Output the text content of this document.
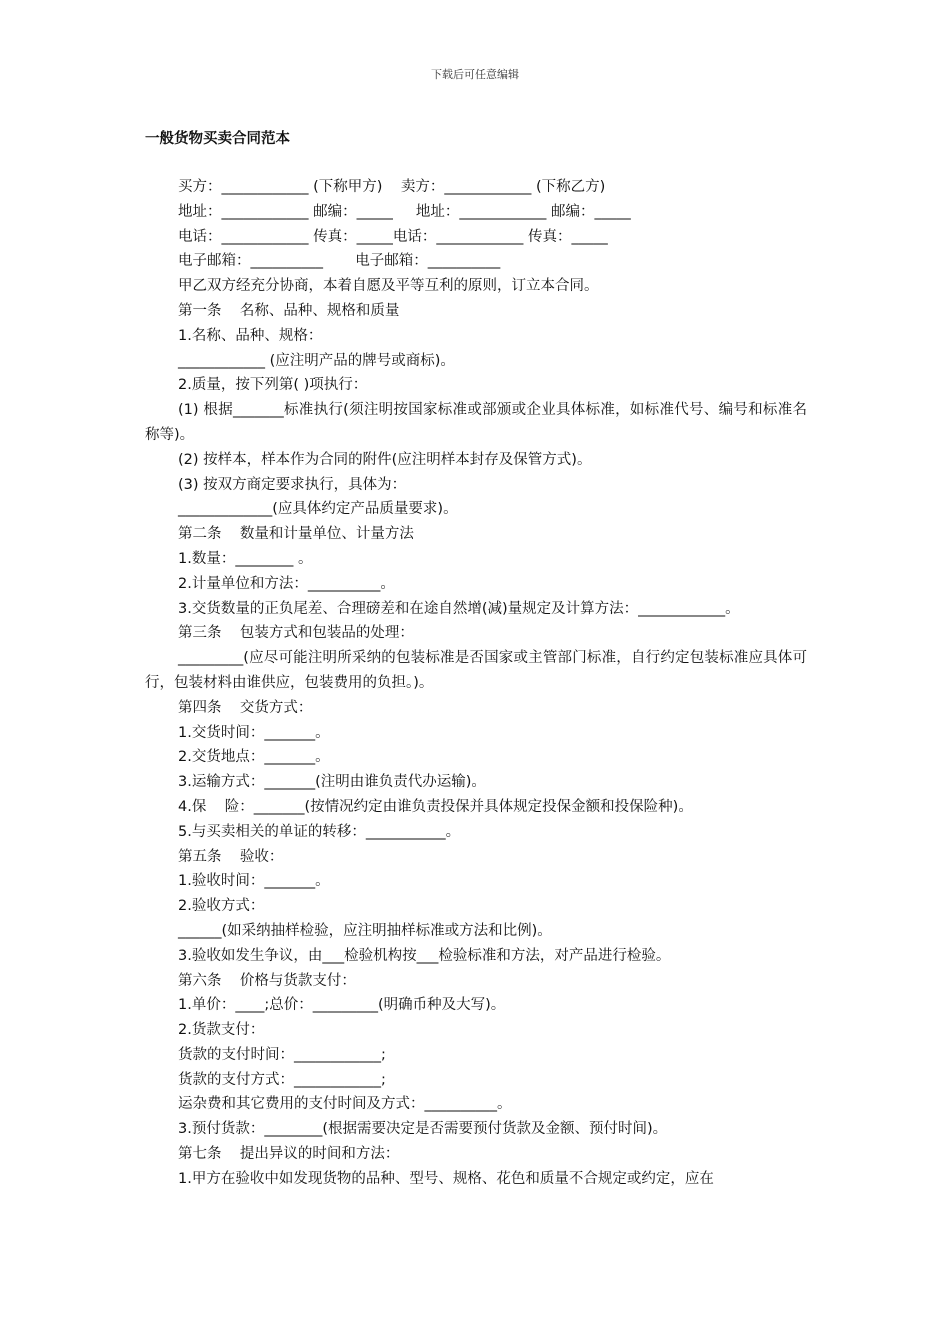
下载后可任意编辑
一般货物买卖合同范本
买方：____________ (下称甲方)    卖方：____________ (下称乙方)
地址：____________ 邮编：_____     地址：____________ 邮编：_____
电话：____________ 传真：_____电话：____________ 传真：_____
电子邮箱：__________       电子邮箱：__________
甲乙双方经充分协商，本着自愿及平等互利的原则，订立本合同。
第一条    名称、品种、规格和质量
1.名称、品种、规格：
____________ (应注明产品的牌号或商标)。
2.质量，按下列第( )项执行：
(1) 根据_______标准执行(须注明按国家标准或部颁或企业具体标准，如标准代号、编号和标准名称等)。
(2) 按样本，样本作为合同的附件(应注明样本封存及保管方式)。
(3) 按双方商定要求执行，具体为：
_____________(应具体约定产品质量要求)。
第二条    数量和计量单位、计量方法
1.数量：________ 。
2.计量单位和方法：__________。
3.交货数量的正负尾差、合理磅差和在途自然增(减)量规定及计算方法：____________。
第三条    包装方式和包装品的处理：
_________(应尽可能注明所采纳的包装标准是否国家或主管部门标准，自行约定包装标准应具体可行，包装材料由谁供应，包装费用的负担。)。
第四条    交货方式：
1.交货时间：_______。
2.交货地点：_______。
3.运输方式：_______(注明由谁负责代办运输)。
4.保    险：_______(按情况约定由谁负责投保并具体规定投保金额和投保险种)。
5.与买卖相关的单证的转移：___________。
第五条    验收：
1.验收时间：_______。
2.验收方式：
______(如采纳抽样检验，应注明抽样标准或方法和比例)。
3.验收如发生争议，由___检验机构按___检验标准和方法，对产品进行检验。
第六条    价格与货款支付：
1.单价：____;总价：_________(明确币种及大写)。
2.货款支付：
货款的支付时间：____________;
货款的支付方式：____________;
运杂费和其它费用的支付时间及方式：__________。
3.预付货款：________(根据需要决定是否需要预付货款及金额、预付时间)。
第七条    提出异议的时间和方法：
1.甲方在验收中如发现货物的品种、型号、规格、花色和质量不合规定或约定，应在
